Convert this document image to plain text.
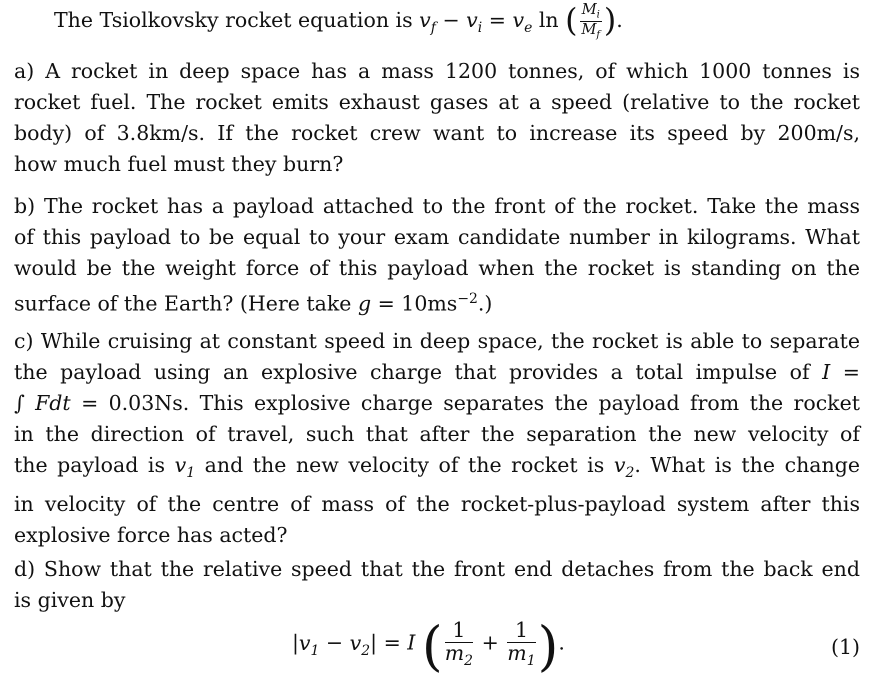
The Tsiolkovsky rocket equation is $v_f - v_i = v_e$ ln ( $\frac{M_i}{M_f}$ ).
a) A rocket in deep space has a mass 1200 tonnes, of which 1000 tonnes is
rocket fuel. The rocket emits exhaust gases at a speed (relative to the rocket
body) of 3.8km/s. If the rocket crew want to increase its speed by 200m/s,
how much fuel must they burn?
b) The rocket has a payload attached to the front of the rocket. Take the mass
of this payload to be equal to your exam candidate number in kilograms. What
would be the weight force of this payload when the rocket is standing on the
surface of the Earth? (Here take $g = 10ms^{-2}$.)
c) While cruising at constant speed in deep space, the rocket is able to separate
the payload using an explosive charge that provides a total impulse of I =
∫ Fdt = 0.03Ns. This explosive charge separates the payload from the rocket
in the direction of travel, such that after the separation the new velocity of
the payload is $v_1$ and the new velocity of the rocket is $v_2$. What is the change
in velocity of the centre of mass of the rocket-plus-payload system after this
explosive force has acted?
d) Show that the relative speed that the front end detaches from the back end
is given by
$|v_1 - v_2| = I$ ( $\frac{1}{m_2} + \frac{1}{m_1}$ ).	(1)
